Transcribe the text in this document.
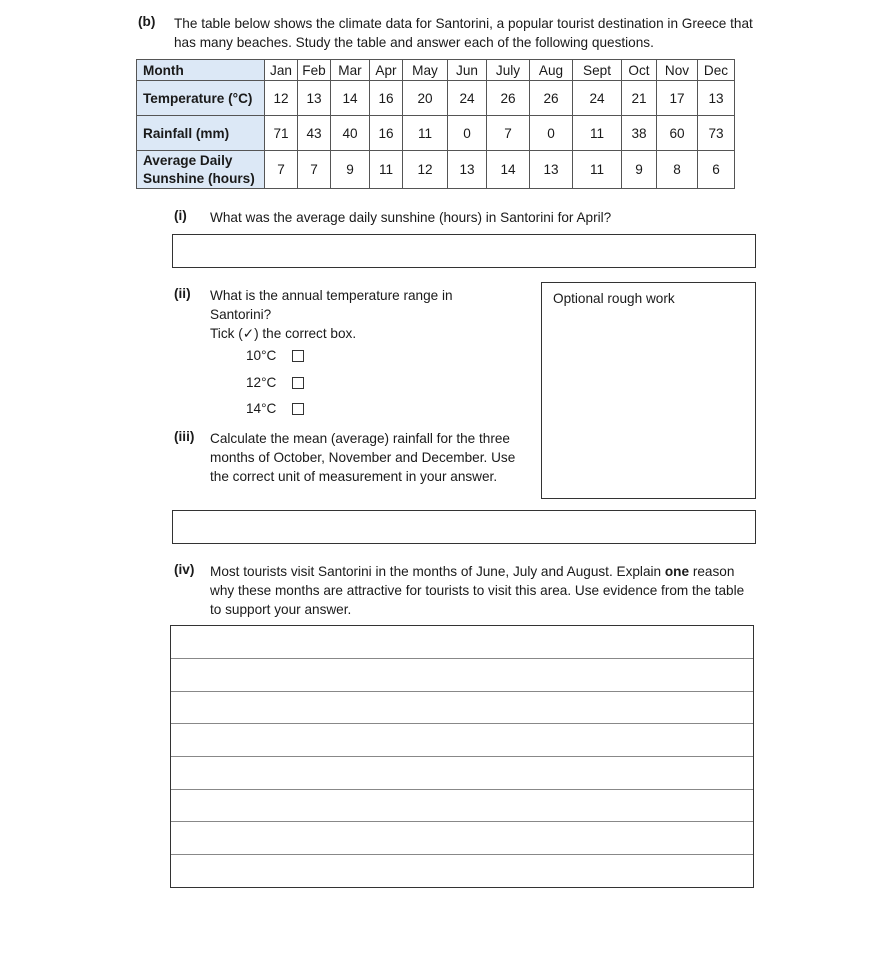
(b) The table below shows the climate data for Santorini, a popular tourist destination in Greece that has many beaches. Study the table and answer each of the following questions.
Month	Jan	Feb	Mar	Apr	May	Jun	July	Aug	Sept	Oct	Nov	Dec
Temperature (°C)	12	13	14	16	20	24	26	26	24	21	17	13
Rainfall (mm)	71	43	40	16	11	0	7	0	11	38	60	73
Average Daily
Sunshine (hours)	7	7	9	11	12	13	14	13	11	9	8	6
(i) What was the average daily sunshine (hours) in Santorini for April?
(ii) What is the annual temperature range in Santorini?
Tick (✓) the correct box.
10°C
12°C
14°C
Optional rough work
(iii) Calculate the mean (average) rainfall for the three months of October, November and December. Use the correct unit of measurement in your answer.
(iv) Most tourists visit Santorini in the months of June, July and August. Explain one reason why these months are attractive for tourists to visit this area. Use evidence from the table to support your answer.
